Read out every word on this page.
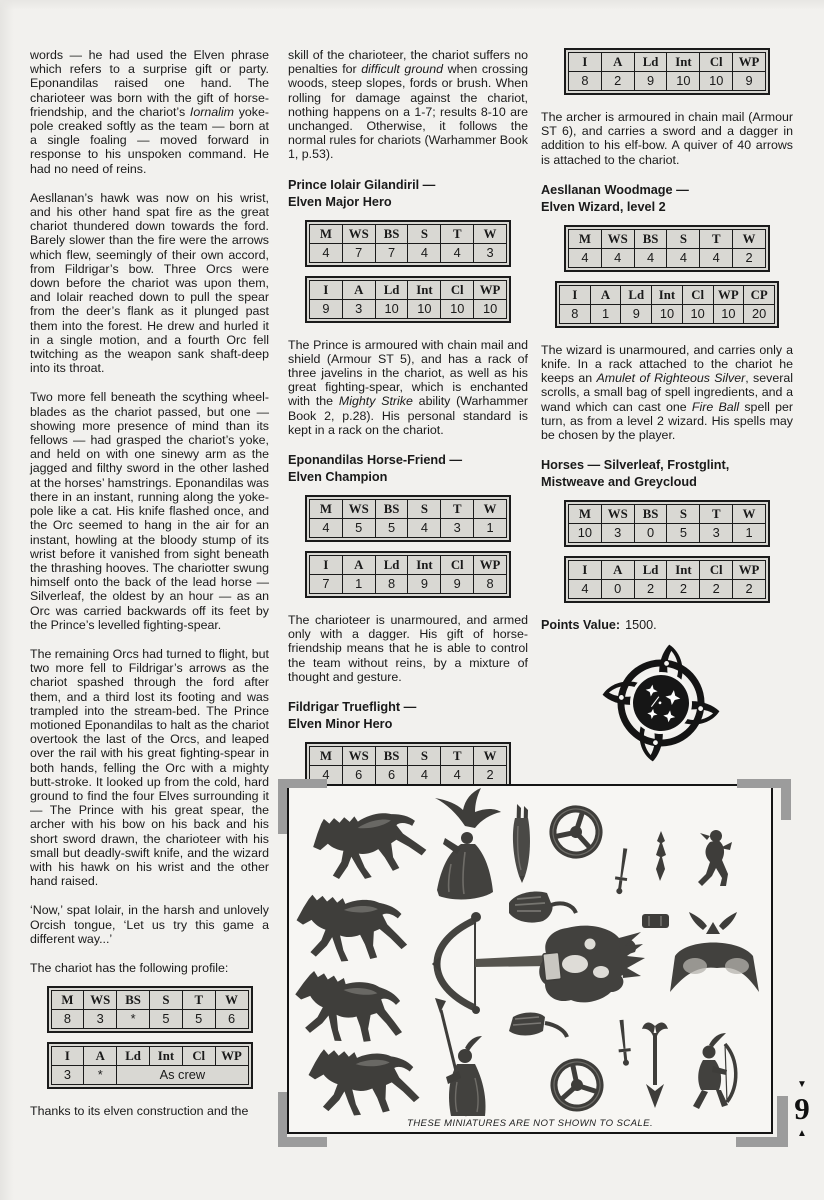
words — he had used the Elven phrase which refers to a surprise gift or party. Eponandilas raised one hand. The charioteer was born with the gift of horse-friendship, and the chariot’s Iornalim yoke-pole creaked softly as the team — born at a single foaling — moved forward in response to his unspoken command. He had no need of reins.

Aesllanan’s hawk was now on his wrist, and his other hand spat fire as the great chariot thundered down towards the ford. Barely slower than the fire were the arrows which flew, seemingly of their own accord, from Fildrigar’s bow. Three Orcs were down before the chariot was upon them, and Iolair reached down to pull the spear from the deer’s flank as it plunged past them into the forest. He drew and hurled it in a single motion, and a fourth Orc fell twitching as the weapon sank shaft-deep into its throat.

Two more fell beneath the scything wheel-blades as the chariot passed, but one — showing more presence of mind than its fellows — had grasped the chariot’s yoke, and held on with one sinewy arm as the jagged and filthy sword in the other lashed at the horses’ hamstrings. Eponandilas was there in an instant, running along the yoke-pole like a cat. His knife flashed once, and the Orc seemed to hang in the air for an instant, howling at the bloody stump of its wrist before it vanished from sight beneath the thrashing hooves. The chariotter swung himself onto the back of the lead horse — Silverleaf, the oldest by an hour — as an Orc was carried backwards off its feet by the Prince’s levelled fighting-spear.

The remaining Orcs had turned to flight, but two more fell to Fildrigar’s arrows as the chariot spashed through the ford after them, and a third lost its footing and was trampled into the stream-bed. The Prince motioned Eponandilas to halt as the chariot overtook the last of the Orcs, and leaped over the rail with his great fighting-spear in both hands, felling the Orc with a mighty butt-stroke. It looked up from the cold, hard ground to find the four Elves surrounding it — The Prince with his great spear, the archer with his bow on his back and his short sword drawn, the charioteer with his small but deadly-swift knife, and the wizard with his hawk on his wrist and the other hand raised.

‘Now,’ spat Iolair, in the harsh and unlovely Orcish tongue, ‘Let us try this game a different way...’

The chariot has the following profile:

M	WS	BS	S	T	W
8	3	*	5	5	6
I	A	Ld	Int	Cl	WP
3	*	As crew			

Thanks to its elven construction and the

skill of the charioteer, the chariot suffers no penalties for difficult ground when crossing woods, steep slopes, fords or brush. When rolling for damage against the chariot, nothing happens on a 1-7; results 8-10 are unchanged. Otherwise, it follows the normal rules for chariots (Warhammer Book 1, p.53).

Prince Iolair Gilandiril —
Elven Major Hero
M	WS	BS	S	T	W
4	7	7	4	4	3
I	A	Ld	Int	Cl	WP
9	3	10	10	10	10

The Prince is armoured with chain mail and shield (Armour ST 5), and has a rack of three javelins in the chariot, as well as his great fighting-spear, which is enchanted with the Mighty Strike ability (Warhammer Book 2, p.28). His personal standard is kept in a rack on the chariot.

Eponandilas Horse-Friend —
Elven Champion
M	WS	BS	S	T	W
4	5	5	4	3	1
I	A	Ld	Int	Cl	WP
7	1	8	9	9	8

The charioteer is unarmoured, and armed only with a dagger. His gift of horse-friendship means that he is able to control the team without reins, by a mixture of thought and gesture.

Fildrigar Trueflight —
Elven Minor Hero
M	WS	BS	S	T	W
4	6	6	4	4	2
I	A	Ld	Int	Cl	WP
8	2	9	10	10	9

The archer is armoured in chain mail (Armour ST 6), and carries a sword and a dagger in addition to his elf-bow. A quiver of 40 arrows is attached to the chariot.

Aesllanan Woodmage —
Elven Wizard, level 2
M	WS	BS	S	T	W
4	4	4	4	4	2
I	A	Ld	Int	Cl	WP	CP
8	1	9	10	10	10	20

The wizard is unarmoured, and carries only a knife. In a rack attached to the chariot he keeps an Amulet of Righteous Silver, several scrolls, a small bag of spell ingredients, and a wand which can cast one Fire Ball spell per turn, as from a level 2 wizard. His spells may be chosen by the player.

Horses — Silverleaf, Frostglint,
Mistweave and Greycloud
M	WS	BS	S	T	W
10	3	0	5	3	1
I	A	Ld	Int	Cl	WP
4	0	2	2	2	2

Points Value: 1500.

THESE MINIATURES ARE NOT SHOWN TO SCALE.
▼
9
▲
